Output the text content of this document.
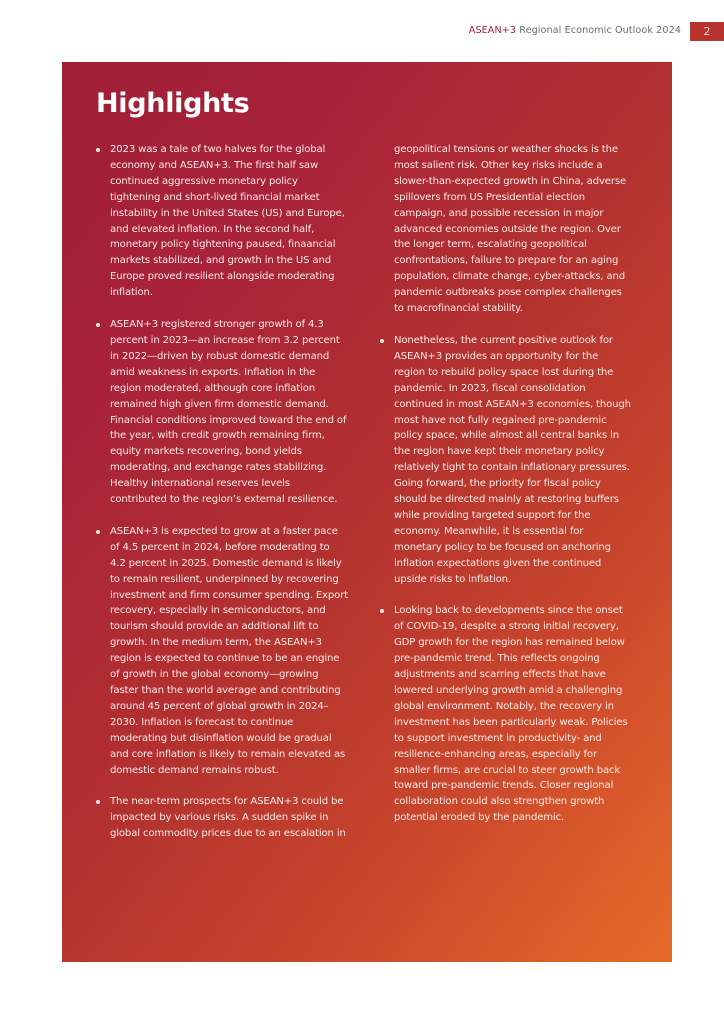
ASEAN+3 Regional Economic Outlook 2024	2
Highlights

2023 was a tale of two halves for the global economy and ASEAN+3. The first half saw continued aggressive monetary policy tightening and short-lived financial market instability in the United States (US) and Europe, and elevated inflation. In the second half, monetary policy tightening paused, finaancial markets stabilized, and growth in the US and Europe proved resilient alongside moderating inflation.

ASEAN+3 registered stronger growth of 4.3 percent in 2023—an increase from 3.2 percent in 2022—driven by robust domestic demand amid weakness in exports. Inflation in the region moderated, although core inflation remained high given firm domestic demand. Financial conditions improved toward the end of the year, with credit growth remaining firm, equity markets recovering, bond yields moderating, and exchange rates stabilizing. Healthy international reserves levels contributed to the region’s external resilience.

ASEAN+3 is expected to grow at a faster pace of 4.5 percent in 2024, before moderating to 4.2 percent in 2025. Domestic demand is likely to remain resilient, underpinned by recovering investment and firm consumer spending. Export recovery, especially in semiconductors, and tourism should provide an additional lift to growth. In the medium term, the ASEAN+3 region is expected to continue to be an engine of growth in the global economy—growing faster than the world average and contributing around 45 percent of global growth in 2024–2030. Inflation is forecast to continue moderating but disinflation would be gradual and core inflation is likely to remain elevated as domestic demand remains robust.

The near-term prospects for ASEAN+3 could be impacted by various risks. A sudden spike in global commodity prices due to an escalation in

geopolitical tensions or weather shocks is the most salient risk. Other key risks include a slower-than-expected growth in China, adverse spillovers from US Presidential election campaign, and possible recession in major advanced economies outside the region. Over the longer term, escalating geopolitical confrontations, failure to prepare for an aging population, climate change, cyber-attacks, and pandemic outbreaks pose complex challenges to macrofinancial stability.

Nonetheless, the current positive outlook for ASEAN+3 provides an opportunity for the region to rebuild policy space lost during the pandemic. In 2023, fiscal consolidation continued in most ASEAN+3 economies, though most have not fully regained pre-pandemic policy space, while almost all central banks in the region have kept their monetary policy relatively tight to contain inflationary pressures. Going forward, the priority for fiscal policy should be directed mainly at restoring buffers while providing targeted support for the economy. Meanwhile, it is essential for monetary policy to be focused on anchoring inflation expectations given the continued upside risks to inflation.

Looking back to developments since the onset of COVID-19, despite a strong initial recovery, GDP growth for the region has remained below pre-pandemic trend. This reflects ongoing adjustments and scarring effects that have lowered underlying growth amid a challenging global environment. Notably, the recovery in investment has been particularly weak. Policies to support investment in productivity- and resilience-enhancing areas, especially for smaller firms, are crucial to steer growth back toward pre-pandemic trends. Closer regional collaboration could also strengthen growth potential eroded by the pandemic.
